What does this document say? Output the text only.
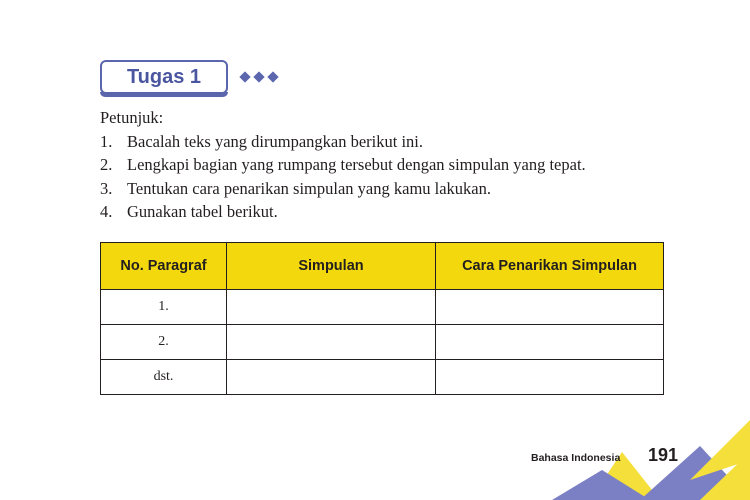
Tugas 1
Petunjuk:
1. Bacalah teks yang dirumpangkan berikut ini.
2. Lengkapi bagian yang rumpang tersebut dengan simpulan yang tepat.
3. Tentukan cara penarikan simpulan yang kamu lakukan.
4. Gunakan tabel berikut.
No. Paragraf	Simpulan	Cara Penarikan Simpulan
1.		
2.		
dst.		
Bahasa Indonesia 191
